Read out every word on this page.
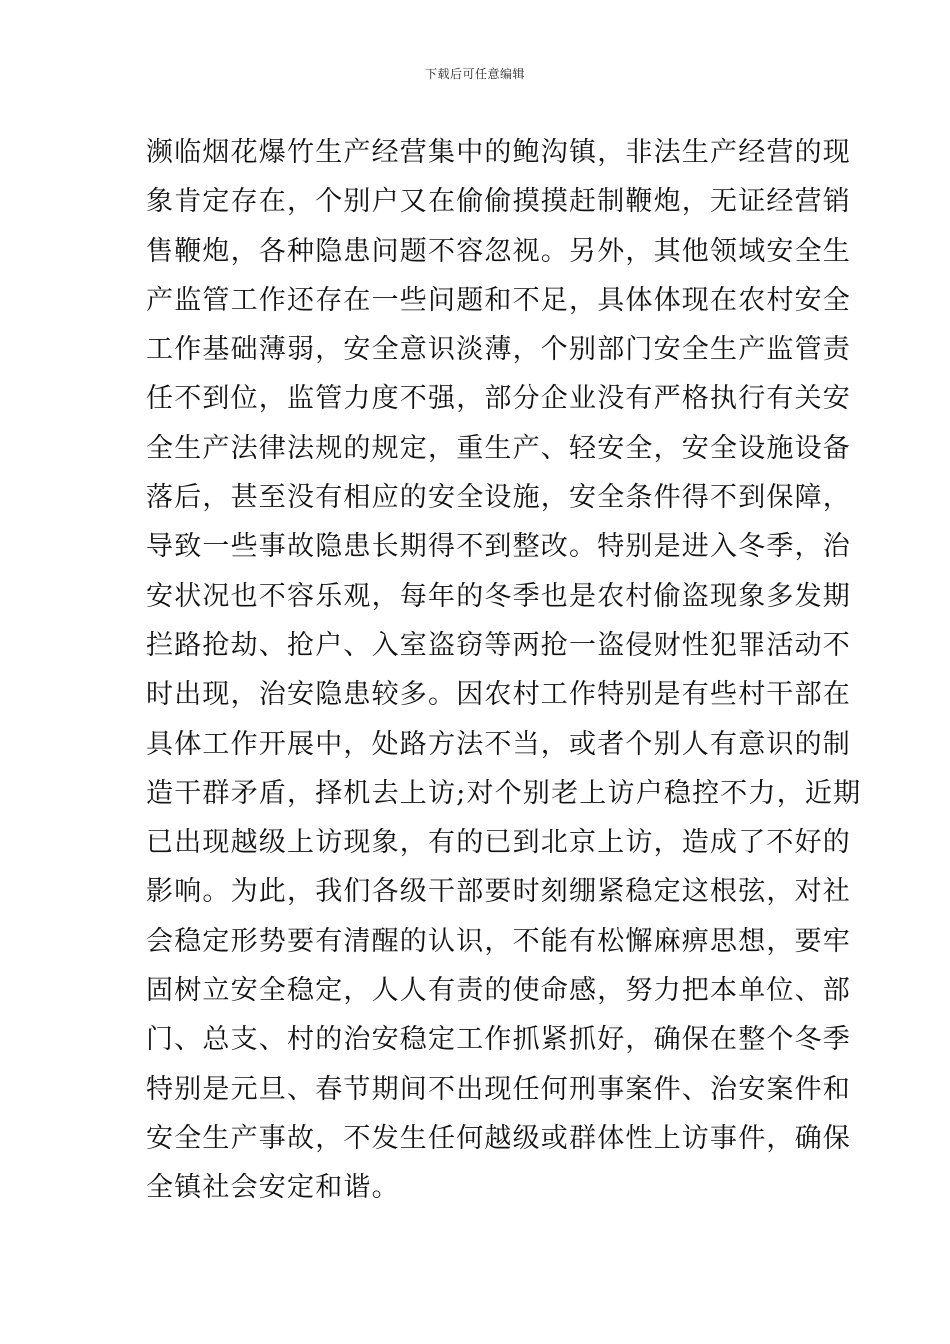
下载后可任意编辑
濒临烟花爆竹生产经营集中的鲍沟镇，非法生产经营的现
象肯定存在，个别户又在偷偷摸摸赶制鞭炮，无证经营销
售鞭炮，各种隐患问题不容忽视。另外，其他领域安全生
产监管工作还存在一些问题和不足，具体体现在农村安全
工作基础薄弱，安全意识淡薄，个别部门安全生产监管责
任不到位，监管力度不强，部分企业没有严格执行有关安
全生产法律法规的规定，重生产、轻安全，安全设施设备
落后，甚至没有相应的安全设施，安全条件得不到保障，
导致一些事故隐患长期得不到整改。特别是进入冬季，治
安状况也不容乐观，每年的冬季也是农村偷盗现象多发期
拦路抢劫、抢户、入室盗窃等两抢一盗侵财性犯罪活动不
时出现，治安隐患较多。因农村工作特别是有些村干部在
具体工作开展中，处路方法不当，或者个别人有意识的制
造干群矛盾，择机去上访;对个别老上访户稳控不力，近期
已出现越级上访现象，有的已到北京上访，造成了不好的
影响。为此，我们各级干部要时刻绷紧稳定这根弦，对社
会稳定形势要有清醒的认识，不能有松懈麻痹思想，要牢
固树立安全稳定，人人有责的使命感，努力把本单位、部
门、总支、村的治安稳定工作抓紧抓好，确保在整个冬季
特别是元旦、春节期间不出现任何刑事案件、治安案件和
安全生产事故，不发生任何越级或群体性上访事件，确保
全镇社会安定和谐。
